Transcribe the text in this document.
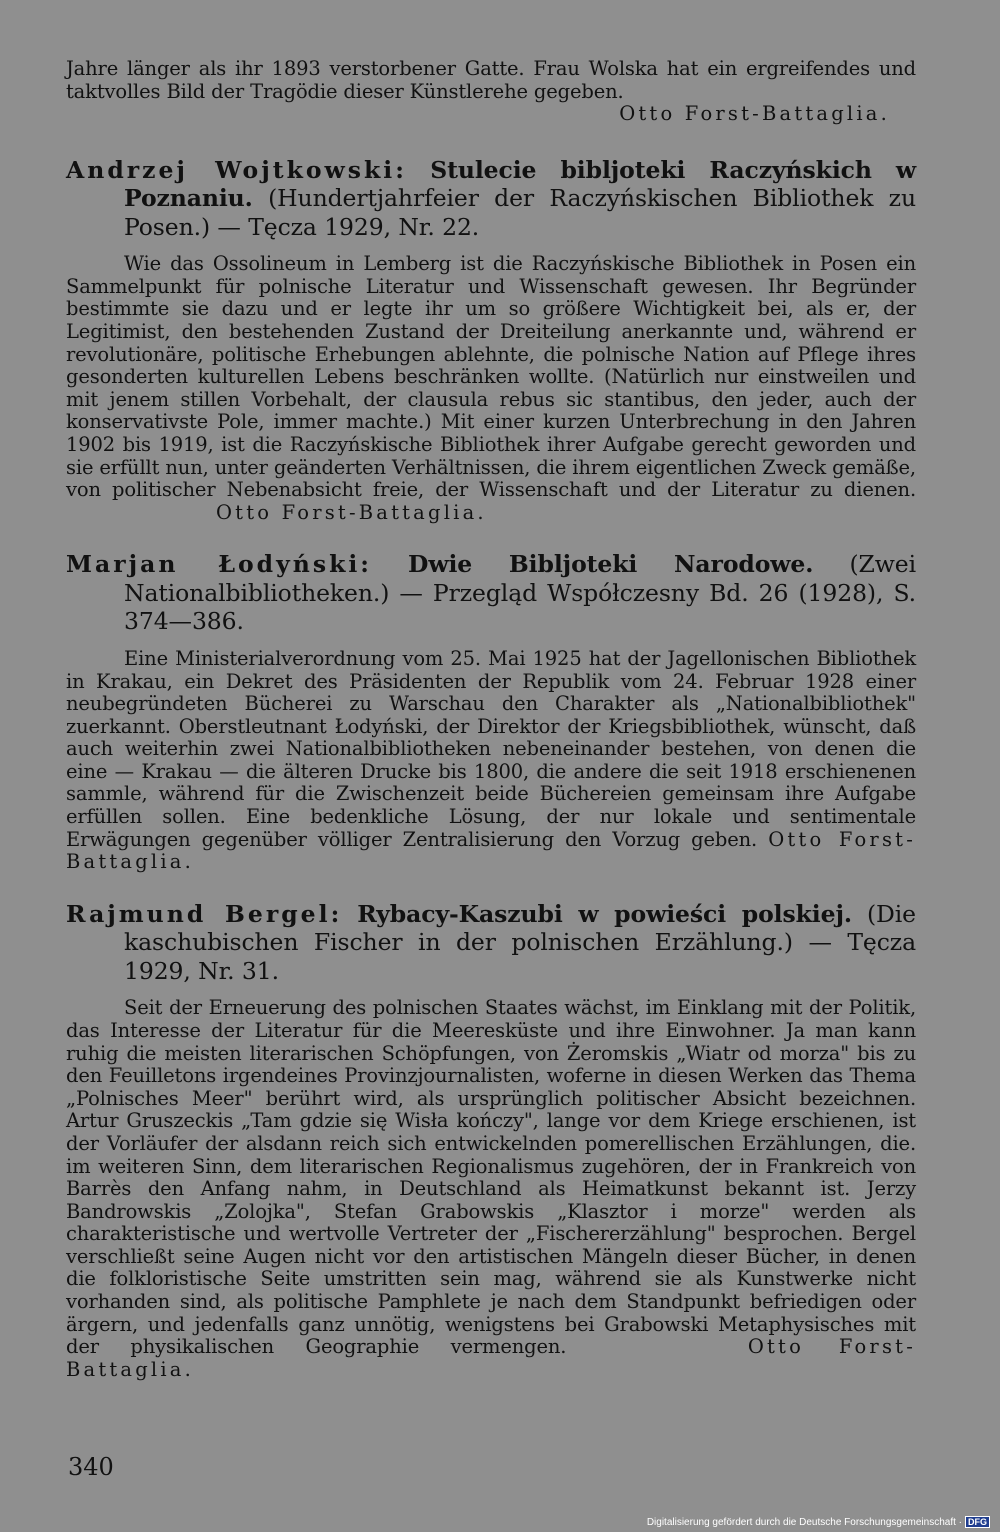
Jahre länger als ihr 1893 verstorbener Gatte. Frau Wolska hat ein ergreifendes und taktvolles Bild der Tragödie dieser Künstlerehe gegeben.

Otto Forst-Battaglia.

Andrzej Wojtkowski: Stulecie bibljoteki Raczyńskich w Poznaniu. (Hundertjahrfeier der Raczyńskischen Bibliothek zu Posen.) — Tęcza 1929, Nr. 22.

Wie das Ossolineum in Lemberg ist die Raczyńskische Bibliothek in Posen ein Sammelpunkt für polnische Literatur und Wissenschaft gewesen. Ihr Begründer bestimmte sie dazu und er legte ihr um so größere Wichtigkeit bei, als er, der Legitimist, den bestehenden Zustand der Dreiteilung anerkannte und, während er revolutionäre, politische Erhebungen ablehnte, die polnische Nation auf Pflege ihres gesonderten kulturellen Lebens beschränken wollte. (Natürlich nur einstweilen und mit jenem stillen Vorbehalt, der clausula rebus sic stantibus, den jeder, auch der konservativste Pole, immer machte.) Mit einer kurzen Unterbrechung in den Jahren 1902 bis 1919, ist die Raczyńskische Bibliothek ihrer Aufgabe gerecht geworden und sie erfüllt nun, unter geänderten Verhältnissen, die ihrem eigentlichen Zweck gemäße, von politischer Nebenabsicht freie, der Wissenschaft und der Literatur zu dienen. Otto Forst-Battaglia.

Marjan Łodyński: Dwie Bibljoteki Narodowe. (Zwei Nationalbibliotheken.) — Przegląd Współczesny Bd. 26 (1928), S. 374—386.

Eine Ministerialverordnung vom 25. Mai 1925 hat der Jagellonischen Bibliothek in Krakau, ein Dekret des Präsidenten der Republik vom 24. Februar 1928 einer neubegründeten Bücherei zu Warschau den Charakter als „Nationalbibliothek" zuerkannt. Oberstleutnant Łodyński, der Direktor der Kriegsbibliothek, wünscht, daß auch weiterhin zwei Nationalbibliotheken nebeneinander bestehen, von denen die eine — Krakau — die älteren Drucke bis 1800, die andere die seit 1918 erschienenen sammle, während für die Zwischenzeit beide Büchereien gemeinsam ihre Aufgabe erfüllen sollen. Eine bedenkliche Lösung, der nur lokale und sentimentale Erwägungen gegenüber völliger Zentralisierung den Vorzug geben. Otto Forst-Battaglia.

Rajmund Bergel: Rybacy-Kaszubi w powieści polskiej. (Die kaschubischen Fischer in der polnischen Erzählung.) — Tęcza 1929, Nr. 31.

Seit der Erneuerung des polnischen Staates wächst, im Einklang mit der Politik, das Interesse der Literatur für die Meeresküste und ihre Einwohner. Ja man kann ruhig die meisten literarischen Schöpfungen, von Żeromskis „Wiatr od morza" bis zu den Feuilletons irgendeines Provinzjournalisten, woferne in diesen Werken das Thema „Polnisches Meer" berührt wird, als ursprünglich politischer Absicht bezeichnen. Artur Gruszeckis „Tam gdzie się Wisła kończy", lange vor dem Kriege erschienen, ist der Vorläufer der alsdann reich sich entwickelnden pomerellischen Erzählungen, die. im weiteren Sinn, dem literarischen Regionalismus zugehören, der in Frankreich von Barrès den Anfang nahm, in Deutschland als Heimatkunst bekannt ist. Jerzy Bandrowskis „Zolojka", Stefan Grabowskis „Klasztor i morze" werden als charakteristische und wertvolle Vertreter der „Fischererzählung" besprochen. Bergel verschließt seine Augen nicht vor den artistischen Mängeln dieser Bücher, in denen die folkloristische Seite umstritten sein mag, während sie als Kunstwerke nicht vorhanden sind, als politische Pamphlete je nach dem Standpunkt befriedigen oder ärgern, und jedenfalls ganz unnötig, wenigstens bei Grabowski Metaphysisches mit der physikalischen Geographie vermengen.	Otto Forst-Battaglia.

340
Digitalisierung gefördert durch die Deutsche Forschungsgemeinschaft · DFG
